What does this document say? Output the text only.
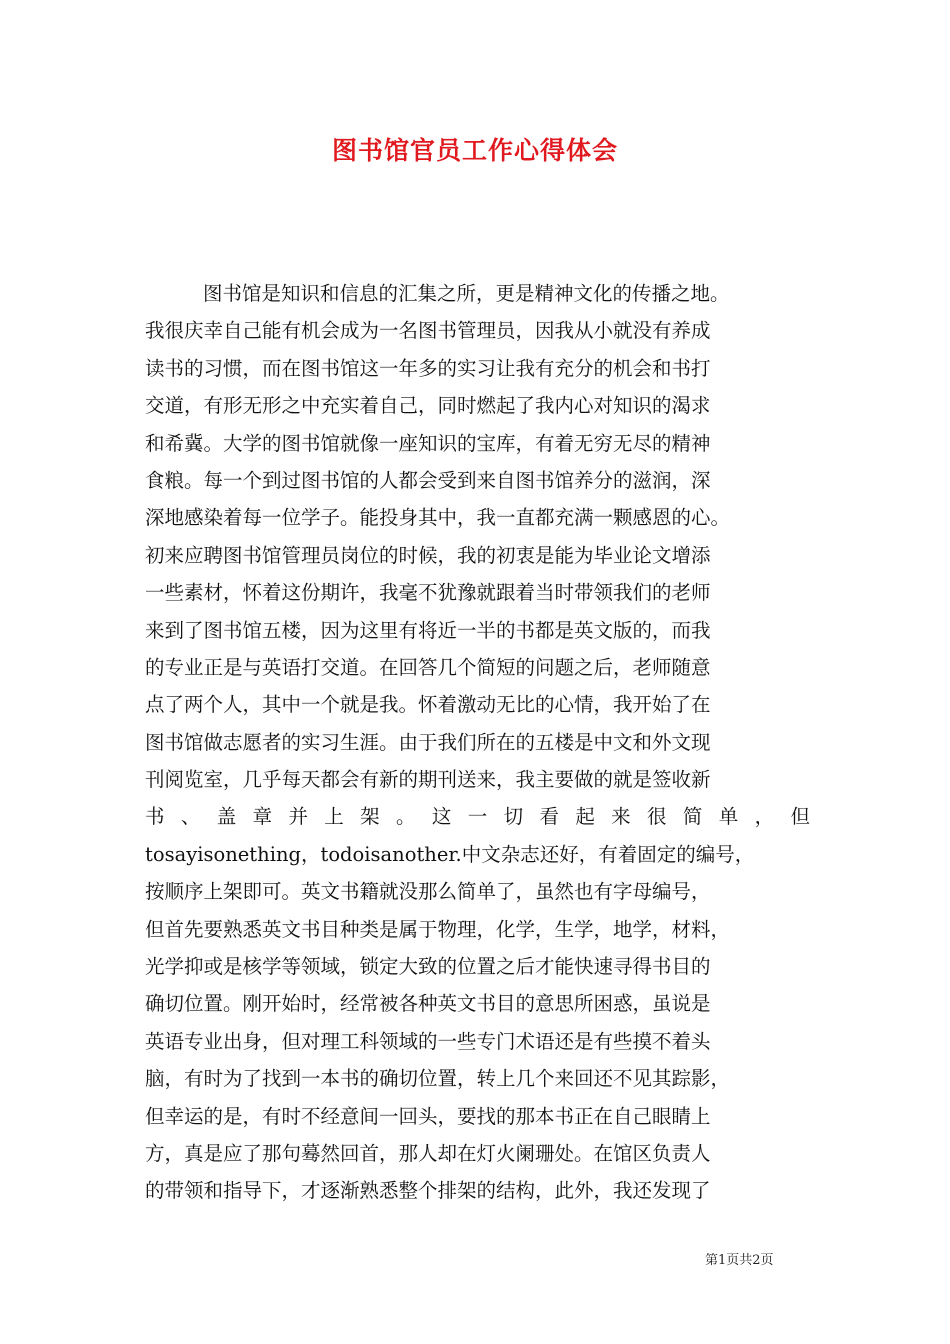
图书馆官员工作心得体会
图书馆是知识和信息的汇集之所，更是精神文化的传播之地。
我很庆幸自己能有机会成为一名图书管理员，因我从小就没有养成
读书的习惯，而在图书馆这一年多的实习让我有充分的机会和书打
交道，有形无形之中充实着自己，同时燃起了我内心对知识的渴求
和希冀。大学的图书馆就像一座知识的宝库，有着无穷无尽的精神
食粮。每一个到过图书馆的人都会受到来自图书馆养分的滋润，深
深地感染着每一位学子。能投身其中，我一直都充满一颗感恩的心。
初来应聘图书馆管理员岗位的时候，我的初衷是能为毕业论文增添
一些素材，怀着这份期许，我毫不犹豫就跟着当时带领我们的老师
来到了图书馆五楼，因为这里有将近一半的书都是英文版的，而我
的专业正是与英语打交道。在回答几个简短的问题之后，老师随意
点了两个人，其中一个就是我。怀着激动无比的心情，我开始了在
图书馆做志愿者的实习生涯。由于我们所在的五楼是中文和外文现
刊阅览室，几乎每天都会有新的期刊送来，我主要做的就是签收新
书 、 盖 章 并 上 架 。 这 一 切 看 起 来 很 简 单 ， 但
tosayisonething，todoisanother.中文杂志还好，有着固定的编号，
按顺序上架即可。英文书籍就没那么简单了，虽然也有字母编号，
但首先要熟悉英文书目种类是属于物理，化学，生学，地学，材料，
光学抑或是核学等领域，锁定大致的位置之后才能快速寻得书目的
确切位置。刚开始时，经常被各种英文书目的意思所困惑，虽说是
英语专业出身，但对理工科领域的一些专门术语还是有些摸不着头
脑，有时为了找到一本书的确切位置，转上几个来回还不见其踪影，
但幸运的是，有时不经意间一回头，要找的那本书正在自己眼睛上
方，真是应了那句蓦然回首，那人却在灯火阑珊处。在馆区负责人
的带领和指导下，才逐渐熟悉整个排架的结构，此外，我还发现了
第1页共2页
